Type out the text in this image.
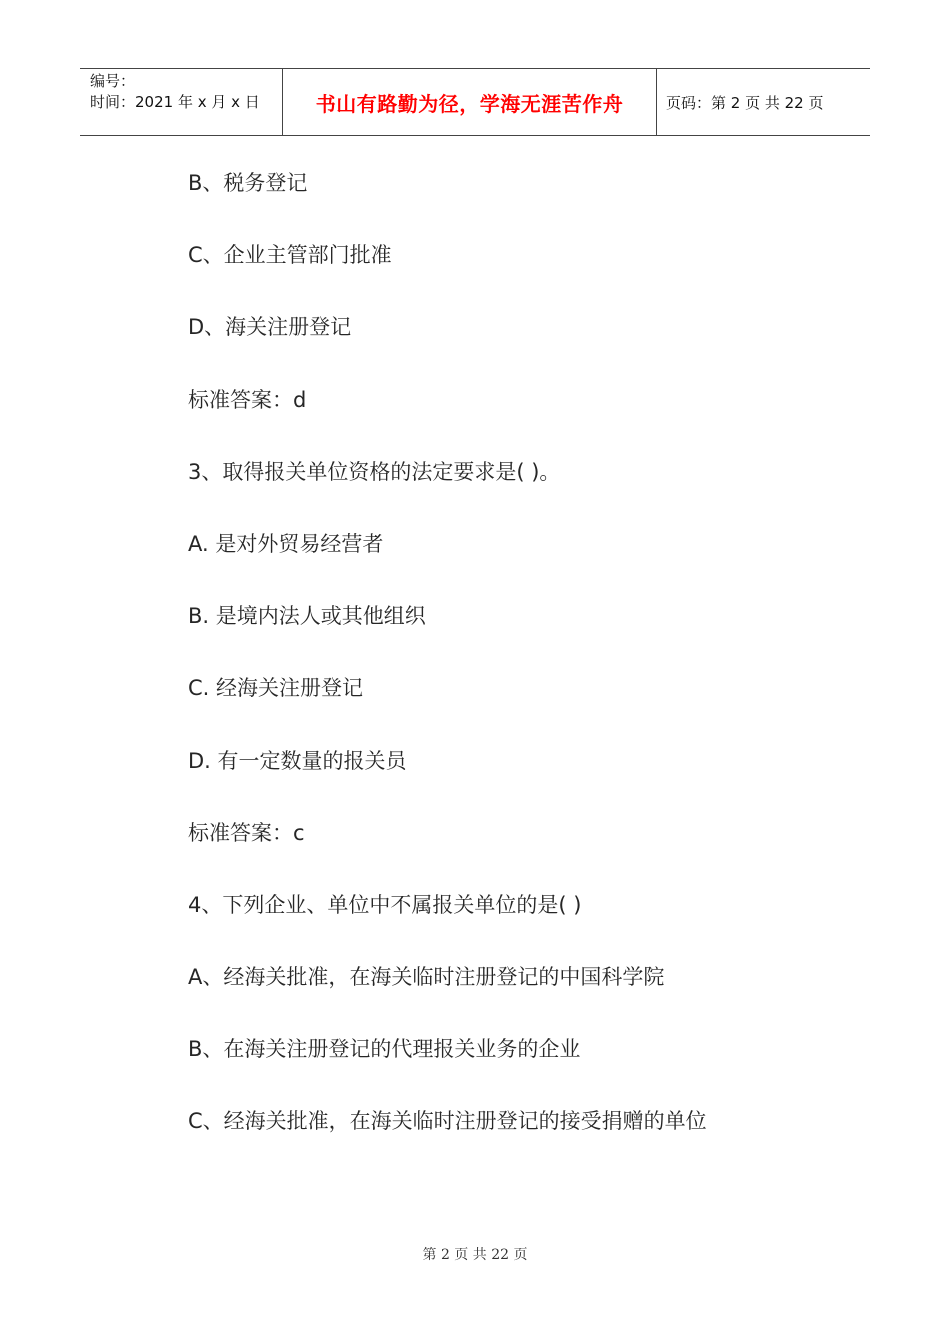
编号：
时间：2021 年 x 月 x 日	书山有路勤为径，学海无涯苦作舟	页码：第 2 页 共 22 页
B、税务登记
C、企业主管部门批准
D、海关注册登记
标准答案：d
3、取得报关单位资格的法定要求是( )。
A. 是对外贸易经营者
B. 是境内法人或其他组织
C. 经海关注册登记
D. 有一定数量的报关员
标准答案：c
4、下列企业、单位中不属报关单位的是( )
A、经海关批准，在海关临时注册登记的中国科学院
B、在海关注册登记的代理报关业务的企业
C、经海关批准，在海关临时注册登记的接受捐赠的单位
第 2 页 共 22 页
